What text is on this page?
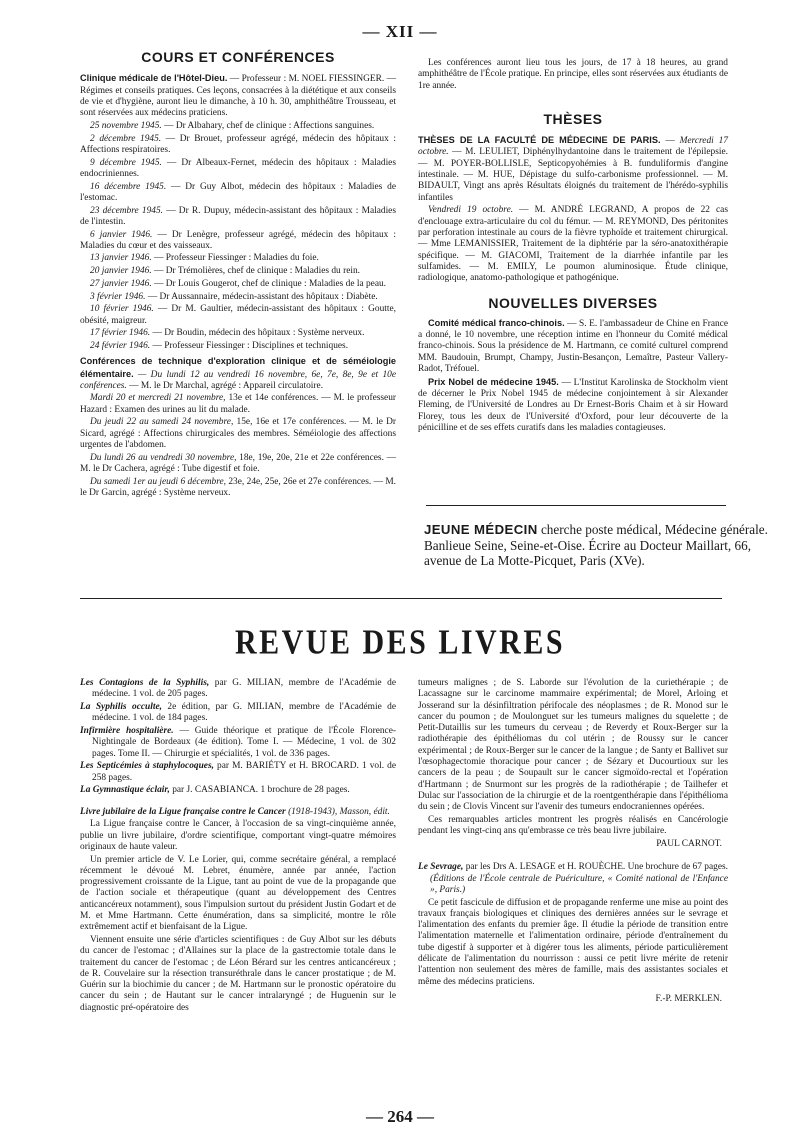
— XII —
COURS ET CONFÉRENCES

Clinique médicale de l'Hôtel-Dieu. — Professeur : M. NOEL FIESSINGER. — Régimes et conseils pratiques. Ces leçons, consacrées à la diététique et aux conseils de vie et d'hygiène, auront lieu le dimanche, à 10 h. 30, amphithéâtre Trousseau, et sont réservées aux médecins praticiens.

25 novembre 1945. — Dr Albahary, chef de clinique : Affections sanguines.

2 décembre 1945. — Dr Brouet, professeur agrégé, médecin des hôpitaux : Affections respiratoires.

9 décembre 1945. — Dr Albeaux-Fernet, médecin des hôpitaux : Maladies endocriniennes.

16 décembre 1945. — Dr Guy Albot, médecin des hôpitaux : Maladies de l'estomac.

23 décembre 1945. — Dr R. Dupuy, médecin-assistant des hôpitaux : Maladies de l'intestin.

6 janvier 1946. — Dr Lenègre, professeur agrégé, médecin des hôpitaux : Maladies du cœur et des vaisseaux.

13 janvier 1946. — Professeur Fiessinger : Maladies du foie.

20 janvier 1946. — Dr Trémolières, chef de clinique : Maladies du rein.

27 janvier 1946. — Dr Louis Gougerot, chef de clinique : Maladies de la peau.

3 février 1946. — Dr Aussannaire, médecin-assistant des hôpitaux : Diabète.

10 février 1946. — Dr M. Gaultier, médecin-assistant des hôpitaux : Goutte, obésité, maigreur.

17 février 1946. — Dr Boudin, médecin des hôpitaux : Système nerveux.

24 février 1946. — Professeur Fiessinger : Disciplines et techniques.

Conférences de technique d'exploration clinique et de séméiologie élémentaire. — Du lundi 12 au vendredi 16 novembre, 6e, 7e, 8e, 9e et 10e conférences. — M. le Dr Marchal, agrégé : Appareil circulatoire.

Mardi 20 et mercredi 21 novembre, 13e et 14e conférences. — M. le professeur Hazard : Examen des urines au lit du malade.

Du jeudi 22 au samedi 24 novembre, 15e, 16e et 17e conférences. — M. le Dr Sicard, agrégé : Affections chirurgicales des membres. Séméiologie des affections urgentes de l'abdomen.

Du lundi 26 au vendredi 30 novembre, 18e, 19e, 20e, 21e et 22e conférences. — M. le Dr Cachera, agrégé : Tube digestif et foie.

Du samedi 1er au jeudi 6 décembre, 23e, 24e, 25e, 26e et 27e conférences. — M. le Dr Garcin, agrégé : Système nerveux.

Les conférences auront lieu tous les jours, de 17 à 18 heures, au grand amphithéâtre de l'École pratique. En principe, elles sont réservées aux étudiants de 1re année.

THÈSES

THÈSES DE LA FACULTÉ DE MÉDECINE DE PARIS. — Mercredi 17 octobre. — M. LEULIET, Diphénylhydantoine dans le traitement de l'épilepsie. — M. POYER-BOLLISLE, Septicopyohémies à B. funduliformis d'angine intestinale. — M. HUE, Dépistage du sulfo-carbonisme professionnel. — M. BIDAULT, Vingt ans après Résultats éloignés du traitement de l'hérédo-syphilis infantiles

Vendredi 19 octobre. — M. ANDRÉ LEGRAND, A propos de 22 cas d'enclouage extra-articulaire du col du fémur. — M. REYMOND, Des péritonites par perforation intestinale au cours de la fièvre typhoïde et traitement chirurgical. — Mme LEMANISSIER, Traitement de la diphtérie par la séro-anatoxithérapie spécifique. — M. GIACOMI, Traitement de la diarrhée infantile par les sulfamides. — M. EMILY, Le poumon aluminosique. Étude clinique, radiologique, anatomo-pathologique et pathogénique.

NOUVELLES DIVERSES

Comité médical franco-chinois. — S. E. l'ambassadeur de Chine en France a donné, le 10 novembre, une réception intime en l'honneur du Comité médical franco-chinois. Sous la présidence de M. Hartmann, ce comité culturel comprend MM. Baudouin, Brumpt, Champy, Justin-Besançon, Lemaître, Pasteur Vallery-Radot, Tréfouel.

Prix Nobel de médecine 1945. — L'Institut Karolinska de Stockholm vient de décerner le Prix Nobel 1945 de médecine conjointement à sir Alexander Fleming, de l'Université de Londres au Dr Ernest-Boris Chaim et à sir Howard Florey, tous les deux de l'Université d'Oxford, pour leur découverte de la pénicilline et de ses effets curatifs dans les maladies contagieuses.

JEUNE MÉDECIN cherche poste médical, Médecine générale. Banlieue Seine, Seine-et-Oise. Écrire au Docteur Maillart, 66, avenue de La Motte-Picquet, Paris (XVe).
REVUE DES LIVRES

Les Contagions de la Syphilis, par G. MILIAN, membre de l'Académie de médecine. 1 vol. de 205 pages.

La Syphilis occulte, 2e édition, par G. MILIAN, membre de l'Académie de médecine. 1 vol. de 184 pages.

Infirmière hospitalière. — Guide théorique et pratique de l'École Florence-Nightingale de Bordeaux (4e édition). Tome I. — Médecine, 1 vol. de 302 pages. Tome II. — Chirurgie et spécialités, 1 vol. de 336 pages.

Les Septicémies à staphylocoques, par M. BARIÉTY et H. BROCARD. 1 vol. de 258 pages.

La Gymnastique éclair, par J. CASABIANCA. 1 brochure de 28 pages.

Livre jubilaire de la Ligue française contre le Cancer (1918-1943), Masson, édit.

La Ligue française contre le Cancer, à l'occasion de sa vingt-cinquième année, publie un livre jubilaire, d'ordre scientifique, comportant vingt-quatre mémoires originaux de haute valeur.

Un premier article de V. Le Lorier, qui, comme secrétaire général, a remplacé récemment le dévoué M. Lebret, énumère, année par année, l'action progressivement croissante de la Ligue, tant au point de vue de la propagande que de l'action sociale et thérapeutique (quant au développement des Centres anticancéreux notamment), sous l'impulsion surtout du président Justin Godart et de M. et Mme Hartmann. Cette énumération, dans sa simplicité, montre le rôle extrêmement actif et bienfaisant de la Ligue.

Viennent ensuite une série d'articles scientifiques : de Guy Albot sur les débuts du cancer de l'estomac ; d'Allaines sur la place de la gastrectomie totale dans le traitement du cancer de l'estomac ; de Léon Bérard sur les centres anticancéreux ; de R. Couvelaire sur la résection transuréthrale dans le cancer prostatique ; de M. Guérin sur la biochimie du cancer ; de M. Hartmann sur le pronostic opératoire du cancer du sein ; de Hautant sur le cancer intralaryngé ; de Huguenin sur le diagnostic pré-opératoire des

tumeurs malignes ; de S. Laborde sur l'évolution de la curiethérapie ; de Lacassagne sur le carcinome mammaire expérimental; de Morel, Arloing et Josserand sur la désinfiltration périfocale des néoplasmes ; de R. Monod sur le cancer du poumon ; de Moulonguet sur les tumeurs malignes du squelette ; de Petit-Dutaillis sur les tumeurs du cerveau ; de Reverdy et Roux-Berger sur la radiothérapie des épithéliomas du col utérin ; de Roussy sur le cancer expérimental ; de Roux-Berger sur le cancer de la langue ; de Santy et Ballivet sur l'œsophagectomie thoracique pour cancer ; de Sézary et Ducourtioux sur les cancers de la peau ; de Soupault sur le cancer sigmoïdo-rectal et l'opération d'Hartmann ; de Snurmont sur les progrès de la radiothérapie ; de Tailhefer et Dulac sur l'association de la chirurgie et de la roentgenthérapie dans l'épithélioma du sein ; de Clovis Vincent sur l'avenir des tumeurs endocraniennes opérées.

Ces remarquables articles montrent les progrès réalisés en Cancérologie pendant les vingt-cinq ans qu'embrasse ce très beau livre jubilaire.

PAUL CARNOT.

Le Sevrage, par les Drs A. LESAGE et H. ROUÈCHE. Une brochure de 67 pages. (Éditions de l'École centrale de Puériculture, « Comité national de l'Enfance », Paris.)

Ce petit fascicule de diffusion et de propagande renferme une mise au point des travaux français biologiques et cliniques des dernières années sur le sevrage et l'alimentation des enfants du premier âge. Il étudie la période de transition entre l'alimentation maternelle et l'alimentation ordinaire, période d'entraînement du tube digestif à supporter et à digérer tous les aliments, période particulièrement délicate de l'alimentation du nourrisson : aussi ce petit livre mérite de retenir l'attention non seulement des mères de famille, mais des assistantes sociales et même des médecins praticiens.

F.-P. MERKLEN.

— 264 —
